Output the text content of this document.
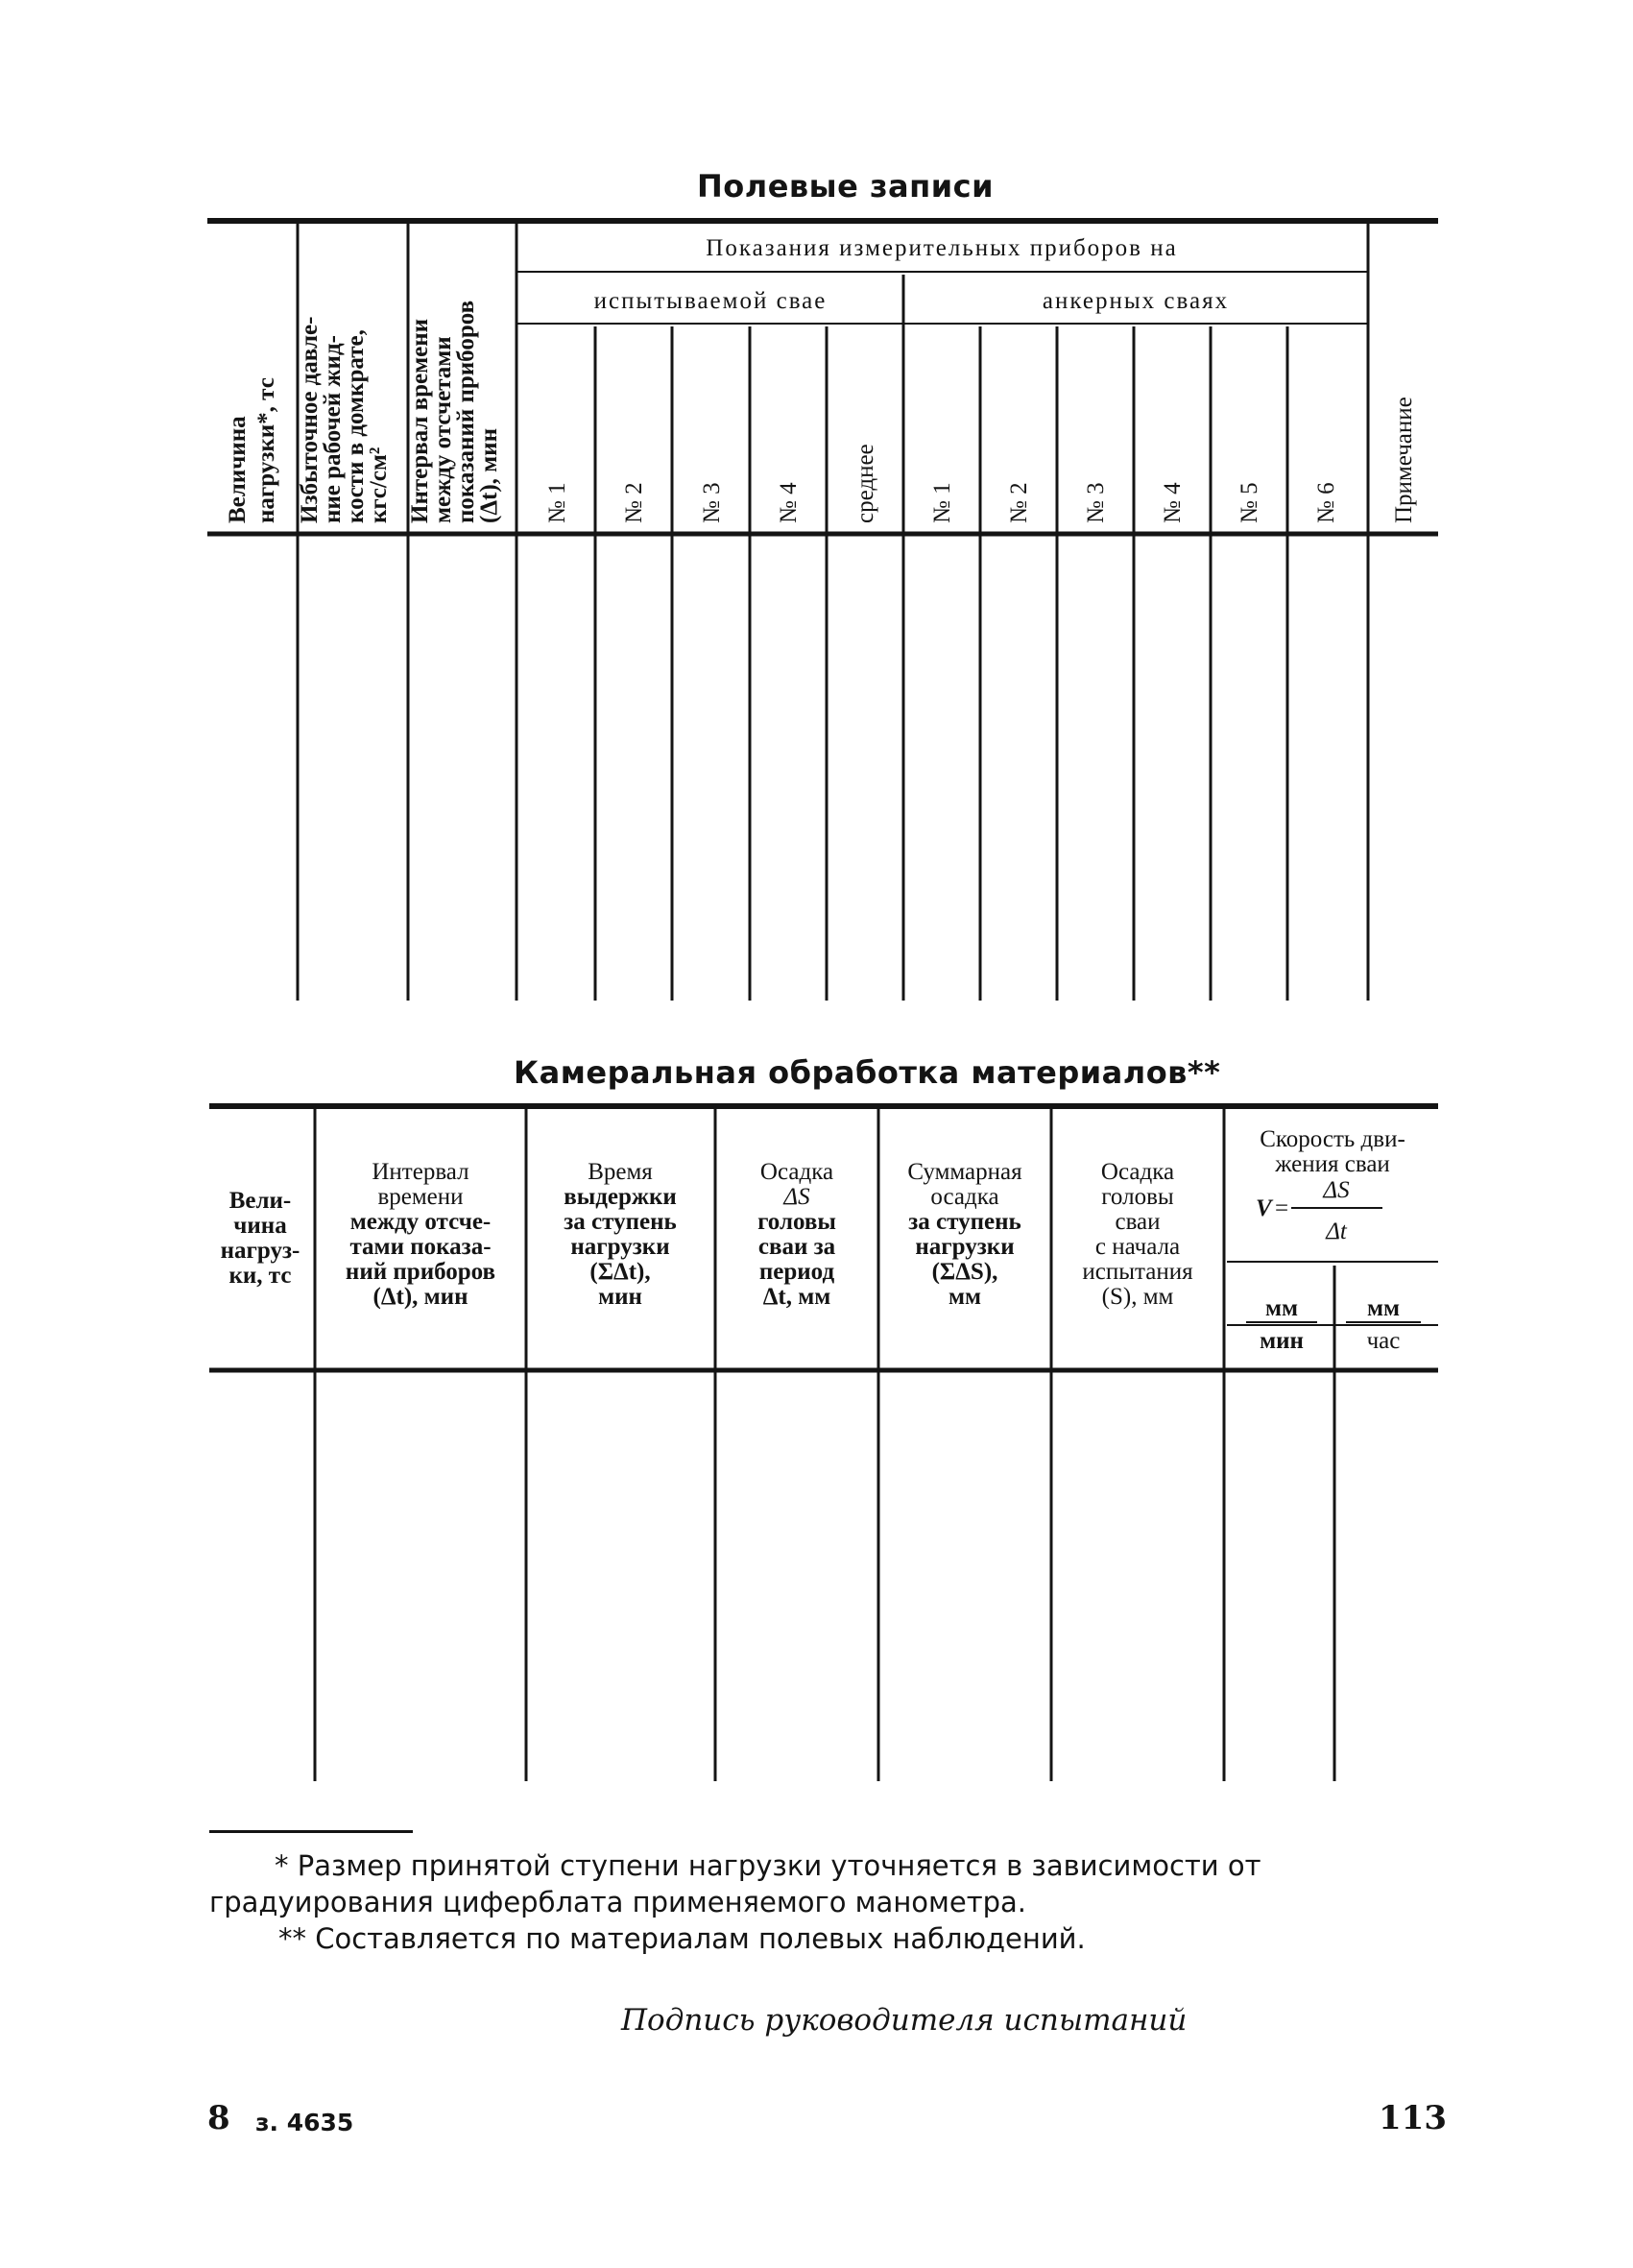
Полевые записи
Величина нагрузки*, тс Избыточное давле-
ние рабочей жид-
кости в домкрате,
кгс/см² Интервал времени
между отсчетами
показаний приборов
(Δt), мин
Показания измерительных приборов на
испытываемой свае	анкерных сваях
№ 1 № 2 № 3 № 4 среднее № 1 № 2 № 3 № 4 № 5 № 6 Примечание
Камеральная обработка материалов**
Вели-
чина
нагруз-
ки, тс
Интервал
времени
между отсче-
тами показа-
ний приборов
(Δt), мин
Время
выдержки
за ступень
нагрузки
(ΣΔt),
мин
Осадка
ΔS
головы
сваи за
период
Δt, мм
Суммарная
осадка
за ступень
нагрузки
(ΣΔS),
мм
Осадка
головы
сваи
с начала
испытания
(S), мм
Скорость дви-
жения сваи
ΔS
V =
Δt
мм
мин
мм
час
* Размер принятой ступени нагрузки уточняется в зависимости от
градуирования циферблата применяемого манометра.
** Составляется по материалам полевых наблюдений.
Подпись руководителя испытаний
8 з. 4635	113
